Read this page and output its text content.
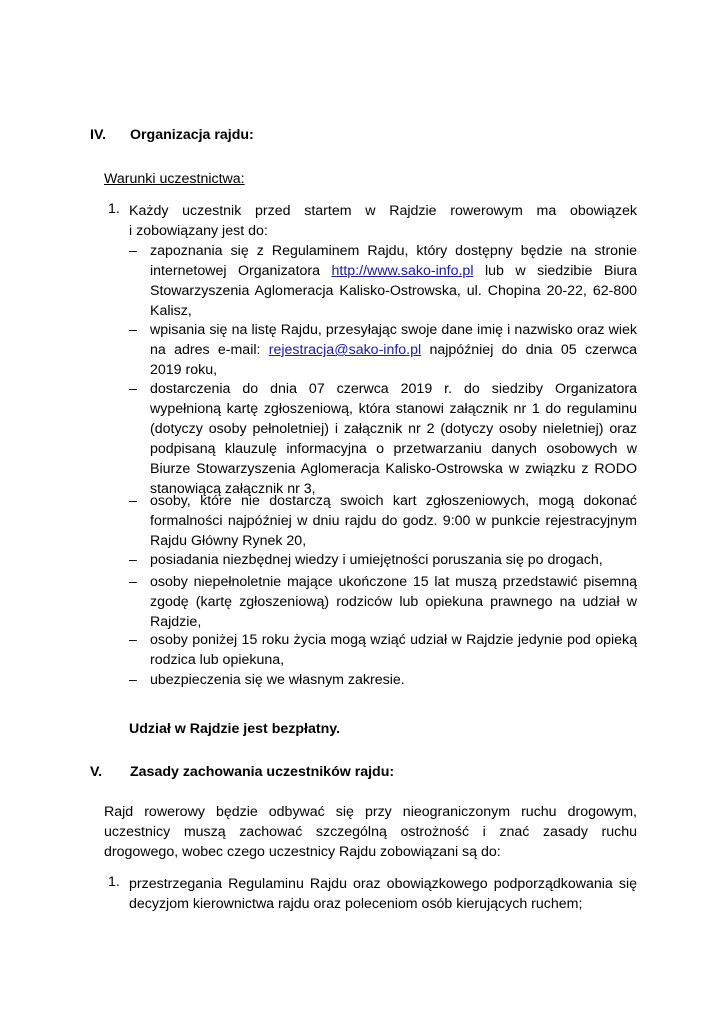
IV. Organizacja rajdu:
Warunki uczestnictwa:
1. Każdy uczestnik przed startem w Rajdzie rowerowym ma obowiązek
i zobowiązany jest do:
– zapoznania się z Regulaminem Rajdu, który dostępny będzie na stronie internetowej Organizatora http://www.sako-info.pl lub w siedzibie Biura Stowarzyszenia Aglomeracja Kalisko-Ostrowska, ul. Chopina 20-22, 62-800 Kalisz,
– wpisania się na listę Rajdu, przesyłając swoje dane imię i nazwisko oraz wiek na adres e-mail: rejestracja@sako-info.pl najpóźniej do dnia 05 czerwca 2019 roku,
– dostarczenia do dnia 07 czerwca 2019 r. do siedziby Organizatora wypełnioną kartę zgłoszeniową, która stanowi załącznik nr 1 do regulaminu (dotyczy osoby pełnoletniej) i załącznik nr 2 (dotyczy osoby nieletniej) oraz podpisaną klauzulę informacyjna o przetwarzaniu danych osobowych w Biurze Stowarzyszenia Aglomeracja Kalisko-Ostrowska w związku z RODO stanowiącą załącznik nr 3,
– osoby, które nie dostarczą swoich kart zgłoszeniowych, mogą dokonać formalności najpóźniej w dniu rajdu do godz. 9:00 w punkcie rejestracyjnym Rajdu Główny Rynek 20,
– posiadania niezbędnej wiedzy i umiejętności poruszania się po drogach,
– osoby niepełnoletnie mające ukończone 15 lat muszą przedstawić pisemną zgodę (kartę zgłoszeniową) rodziców lub opiekuna prawnego na udział w Rajdzie,
– osoby poniżej 15 roku życia mogą wziąć udział w Rajdzie jedynie pod opieką rodzica lub opiekuna,
– ubezpieczenia się we własnym zakresie.
Udział w Rajdzie jest bezpłatny.
V. Zasady zachowania uczestników rajdu:
Rajd rowerowy będzie odbywać się przy nieograniczonym ruchu drogowym, uczestnicy muszą zachować szczególną ostrożność i znać zasady ruchu drogowego, wobec czego uczestnicy Rajdu zobowiązani są do:
1. przestrzegania Regulaminu Rajdu oraz obowiązkowego podporządkowania się decyzjom kierownictwa rajdu oraz poleceniom osób kierujących ruchem;
